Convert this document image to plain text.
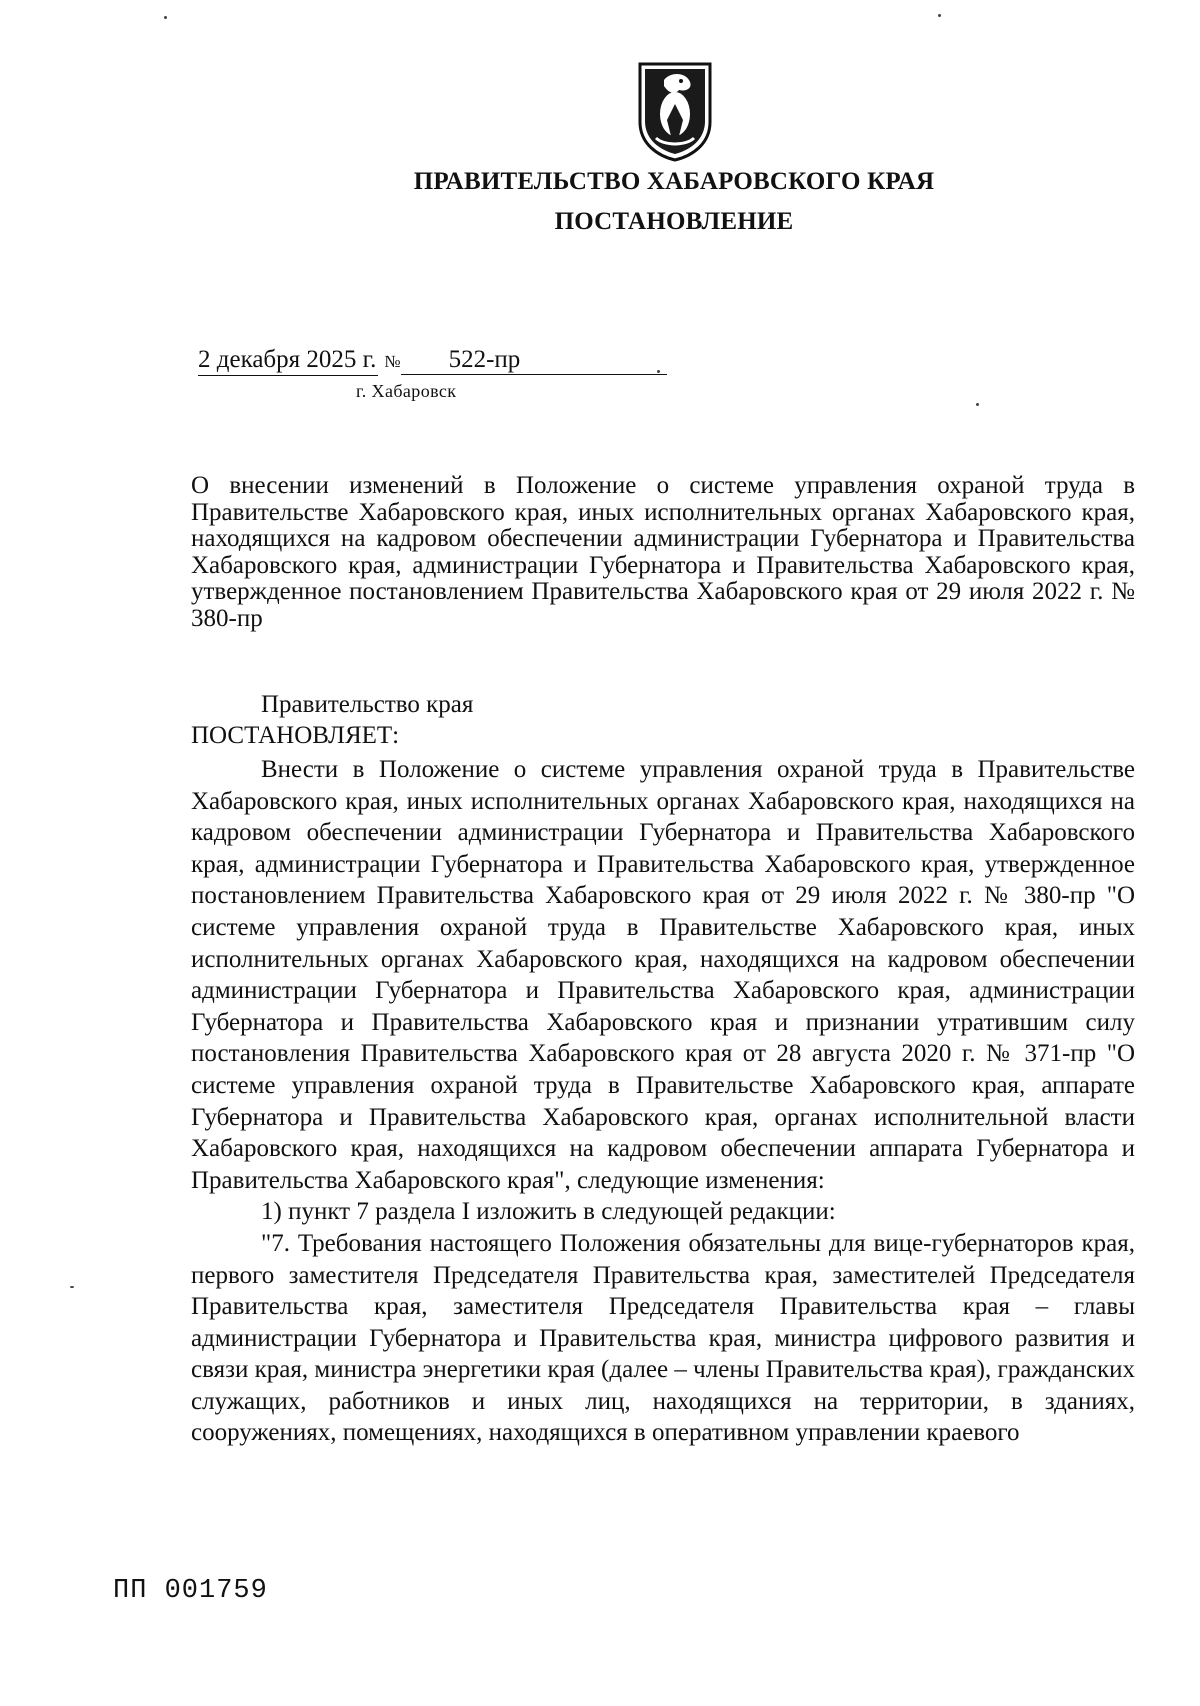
ПРАВИТЕЛЬСТВО ХАБАРОВСКОГО КРАЯ
ПОСТАНОВЛЕНИЕ
2 декабря 2025 г. № 522-пр
г. Хабаровск
О внесении изменений в Положение о системе управления охраной труда в Правительстве Хабаровского края, иных исполнительных органах Хабаровского края, находящихся на кадровом обеспечении администрации Губернатора и Правительства Хабаровского края, администрации Губернатора и Правительства Хабаровского края, утвержденное постановлением Правительства Хабаровского края от 29 июля 2022 г. № 380-пр
Правительство края
ПОСТАНОВЛЯЕТ:

Внести в Положение о системе управления охраной труда в Правительстве Хабаровского края, иных исполнительных органах Хабаровского края, находящихся на кадровом обеспечении администрации Губернатора и Правительства Хабаровского края, администрации Губернатора и Правительства Хабаровского края, утвержденное постановлением Правительства Хабаровского края от 29 июля 2022 г. № 380-пр "О системе управления охраной труда в Правительстве Хабаровского края, иных исполнительных органах Хабаровского края, находящихся на кадровом обеспечении администрации Губернатора и Правительства Хабаровского края, администрации Губернатора и Правительства Хабаровского края и признании утратившим силу постановления Правительства Хабаровского края от 28 августа 2020 г. № 371-пр "О системе управления охраной труда в Правительстве Хабаровского края, аппарате Губернатора и Правительства Хабаровского края, органах исполнительной власти Хабаровского края, находящихся на кадровом обеспечении аппарата Губернатора и Правительства Хабаровского края", следующие изменения:

1) пункт 7 раздела I изложить в следующей редакции:

"7. Требования настоящего Положения обязательны для вице-губернаторов края, первого заместителя Председателя Правительства края, заместителей Председателя Правительства края, заместителя Председателя Правительства края – главы администрации Губернатора и Правительства края, министра цифрового развития и связи края, министра энергетики края (далее – члены Правительства края), гражданских служащих, работников и иных лиц, находящихся на территории, в зданиях, сооружениях, помещениях, находящихся в оперативном управлении краевого

ПП 001759
